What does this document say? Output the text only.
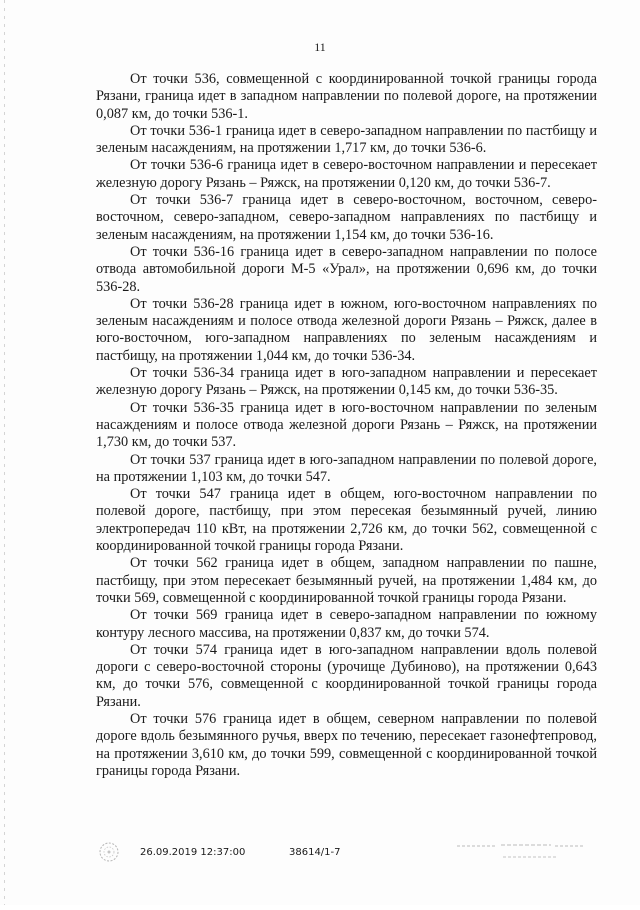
11

От точки 536, совмещенной с координированной точкой границы города Рязани, граница идет в западном направлении по полевой дороге, на протяжении 0,087 км, до точки 536-1.

От точки 536-1 граница идет в северо-западном направлении по пастбищу и зеленым насаждениям, на протяжении 1,717 км, до точки 536-6.

От точки 536-6 граница идет в северо-восточном направлении и пересекает железную дорогу Рязань – Ряжск, на протяжении 0,120 км, до точки 536-7.

От точки 536-7 граница идет в северо-восточном, восточном, северо-восточном, северо-западном, северо-западном направлениях по пастбищу и зеленым насаждениям, на протяжении 1,154 км, до точки 536-16.

От точки 536-16 граница идет в северо-западном направлении по полосе отвода автомобильной дороги М-5 «Урал», на протяжении 0,696 км, до точки 536-28.

От точки 536-28 граница идет в южном, юго-восточном направлениях по зеленым насаждениям и полосе отвода железной дороги Рязань – Ряжск, далее в юго-восточном, юго-западном направлениях по зеленым насаждениям и пастбищу, на протяжении 1,044 км, до точки 536-34.

От точки 536-34 граница идет в юго-западном направлении и пересекает железную дорогу Рязань – Ряжск, на протяжении 0,145 км, до точки 536-35.

От точки 536-35 граница идет в юго-восточном направлении по зеленым насаждениям и полосе отвода железной дороги Рязань – Ряжск, на протяжении 1,730 км, до точки 537.

От точки 537 граница идет в юго-западном направлении по полевой дороге, на протяжении 1,103 км, до точки 547.

От точки 547 граница идет в общем, юго-восточном направлении по полевой дороге, пастбищу, при этом пересекая безымянный ручей, линию электропередач 110 кВт, на протяжении 2,726 км, до точки 562, совмещенной с координированной точкой границы города Рязани.

От точки 562 граница идет в общем, западном направлении по пашне, пастбищу, при этом пересекает безымянный ручей, на протяжении 1,484 км, до точки 569, совмещенной с координированной точкой границы города Рязани.

От точки 569 граница идет в северо-западном направлении по южному контуру лесного массива, на протяжении 0,837 км, до точки 574.

От точки 574 граница идет в юго-западном направлении вдоль полевой дороги с северо-восточной стороны (урочище Дубиново), на протяжении 0,643 км, до точки 576, совмещенной с координированной точкой границы города Рязани.

От точки 576 граница идет в общем, северном направлении по полевой дороге вдоль безымянного ручья, вверх по течению, пересекает газонефтепровод, на протяжении 3,610 км, до точки 599, совмещенной с координированной точкой границы города Рязани.

26.09.2019 12:37:00	38614/1-7
